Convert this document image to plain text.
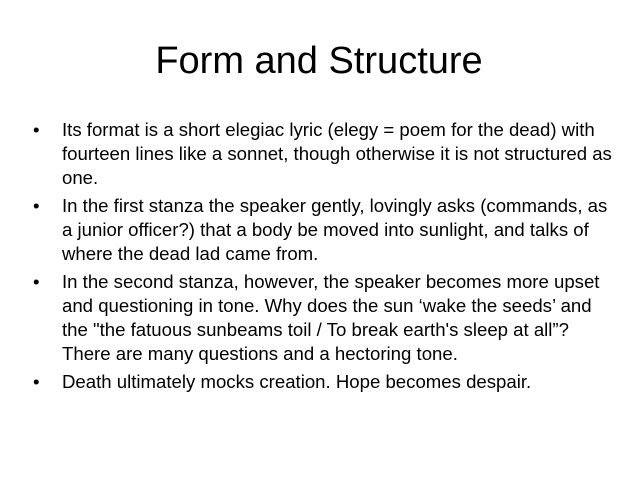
Form and Structure
•	Its format is a short elegiac lyric (elegy = poem for the dead) with fourteen lines like a sonnet, though otherwise it is not structured as one.
•	In the first stanza the speaker gently, lovingly asks (commands, as a junior officer?) that a body be moved into sunlight, and talks of where the dead lad came from.
•	In the second stanza, however, the speaker becomes more upset and questioning in tone. Why does the sun ‘wake the seeds’ and the "the fatuous sunbeams toil / To break earth's sleep at all”? There are many questions and a hectoring tone.
•	Death ultimately mocks creation. Hope becomes despair.
